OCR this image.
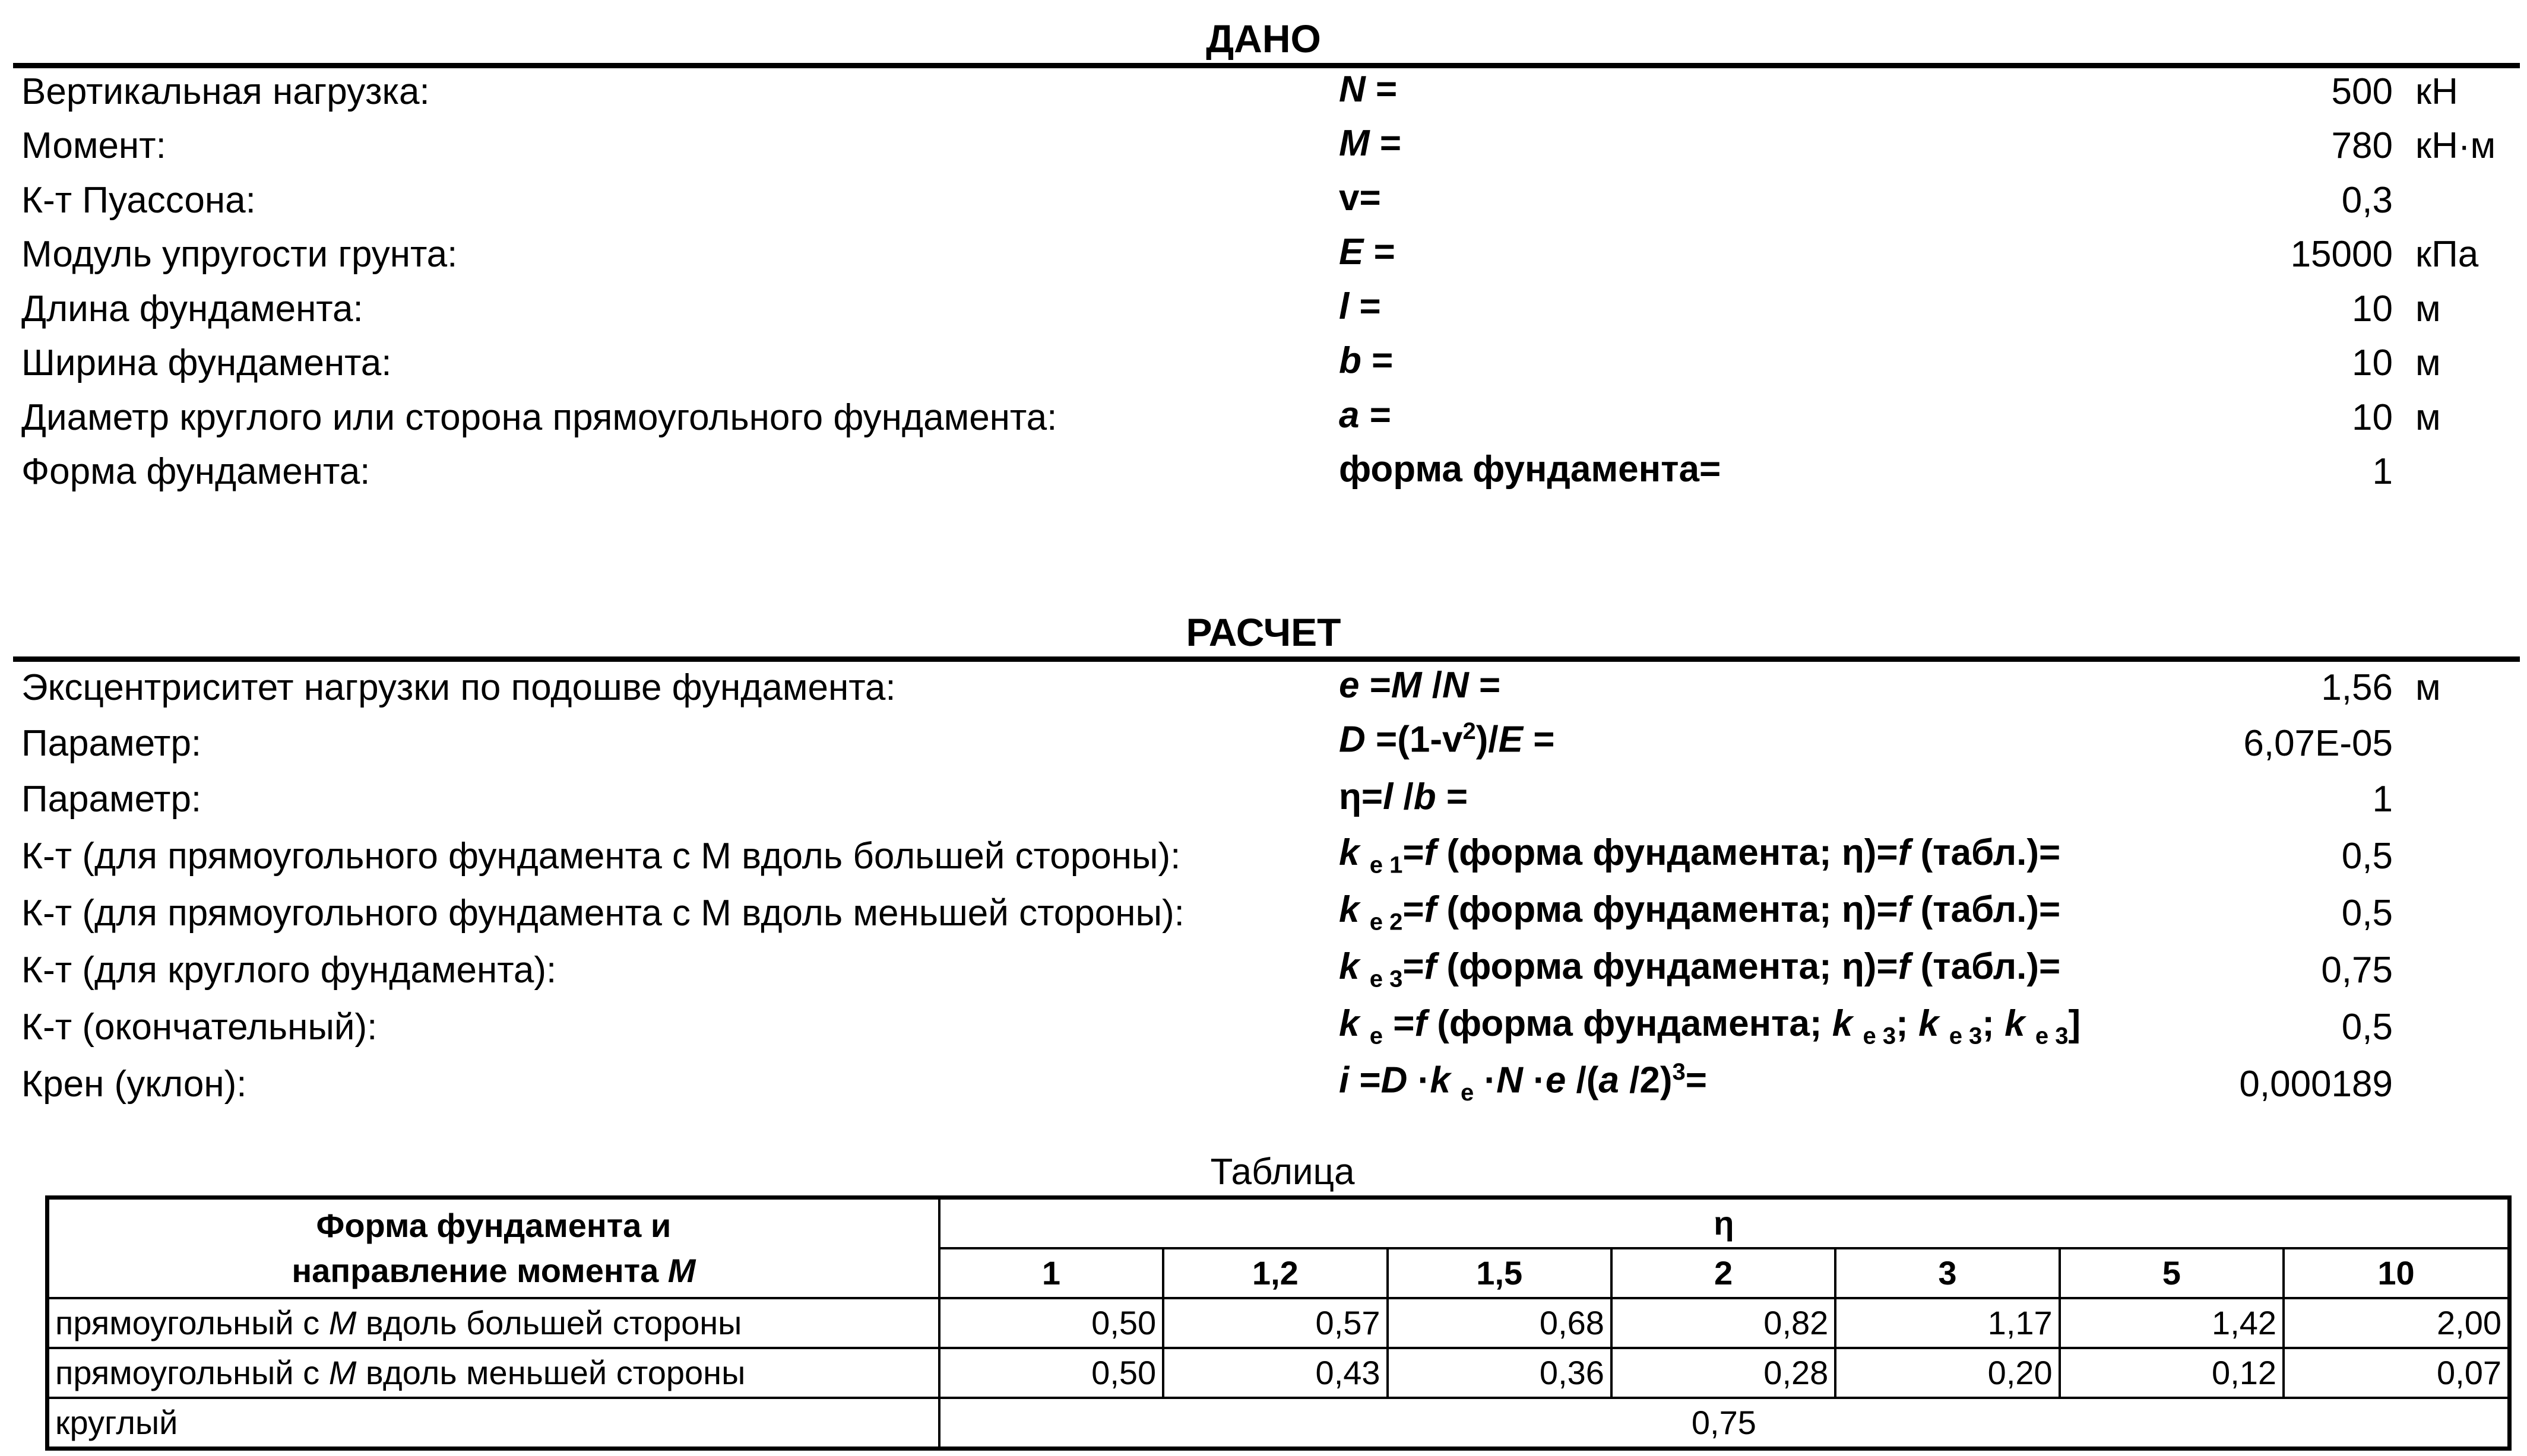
ДАНО
Вертикальная нагрузка:	N =	500 кН
Момент:	M =	780 кН·м
К-т Пуассона:	v=	0,3
Модуль упругости грунта:	E =	15000 кПа
Длина фундамента:	l =	10 м
Ширина фундамента:	b =	10 м
Диаметр круглого или сторона прямоугольного фундамента:	a =	10 м
Форма фундамента:	форма фундамента=	1
РАСЧЕТ
Эксцентриситет нагрузки по подошве фундамента:	e =M /N =	1,56 м
Параметр:	$D =(1-v^2)/E$ =	6,07E-05
Параметр:	η=l /b =	1
К-т (для прямоугольного фундамента с М вдоль большей стороны):	k $_{e 1}$=f (форма фундамента; η)=f (табл.)=	0,5
К-т (для прямоугольного фундамента с М вдоль меньшей стороны):	k $_{e 2}$=f (форма фундамента; η)=f (табл.)=	0,5
К-т (для круглого фундамента):	k $_{e 3}$=f (форма фундамента; η)=f (табл.)=	0,75
К-т (окончательный):	k $_e$ =f (форма фундамента; k $_{e 3}$; k $_{e 3}$; k $_{e 3}$]	0,5
Крен (уклон):	i =D ·k $_e$ ·N ·e /(a /2)$^3$=	0,000189
Таблица
Форма фундамента и
направление момента M	η						
	1	1,2	1,5	2	3	5	10
прямоугольный с M вдоль большей стороны	0,50	0,57	0,68	0,82	1,17	1,42	2,00
прямоугольный с M вдоль меньшей стороны	0,50	0,43	0,36	0,28	0,20	0,12	0,07
круглый	0,75						
